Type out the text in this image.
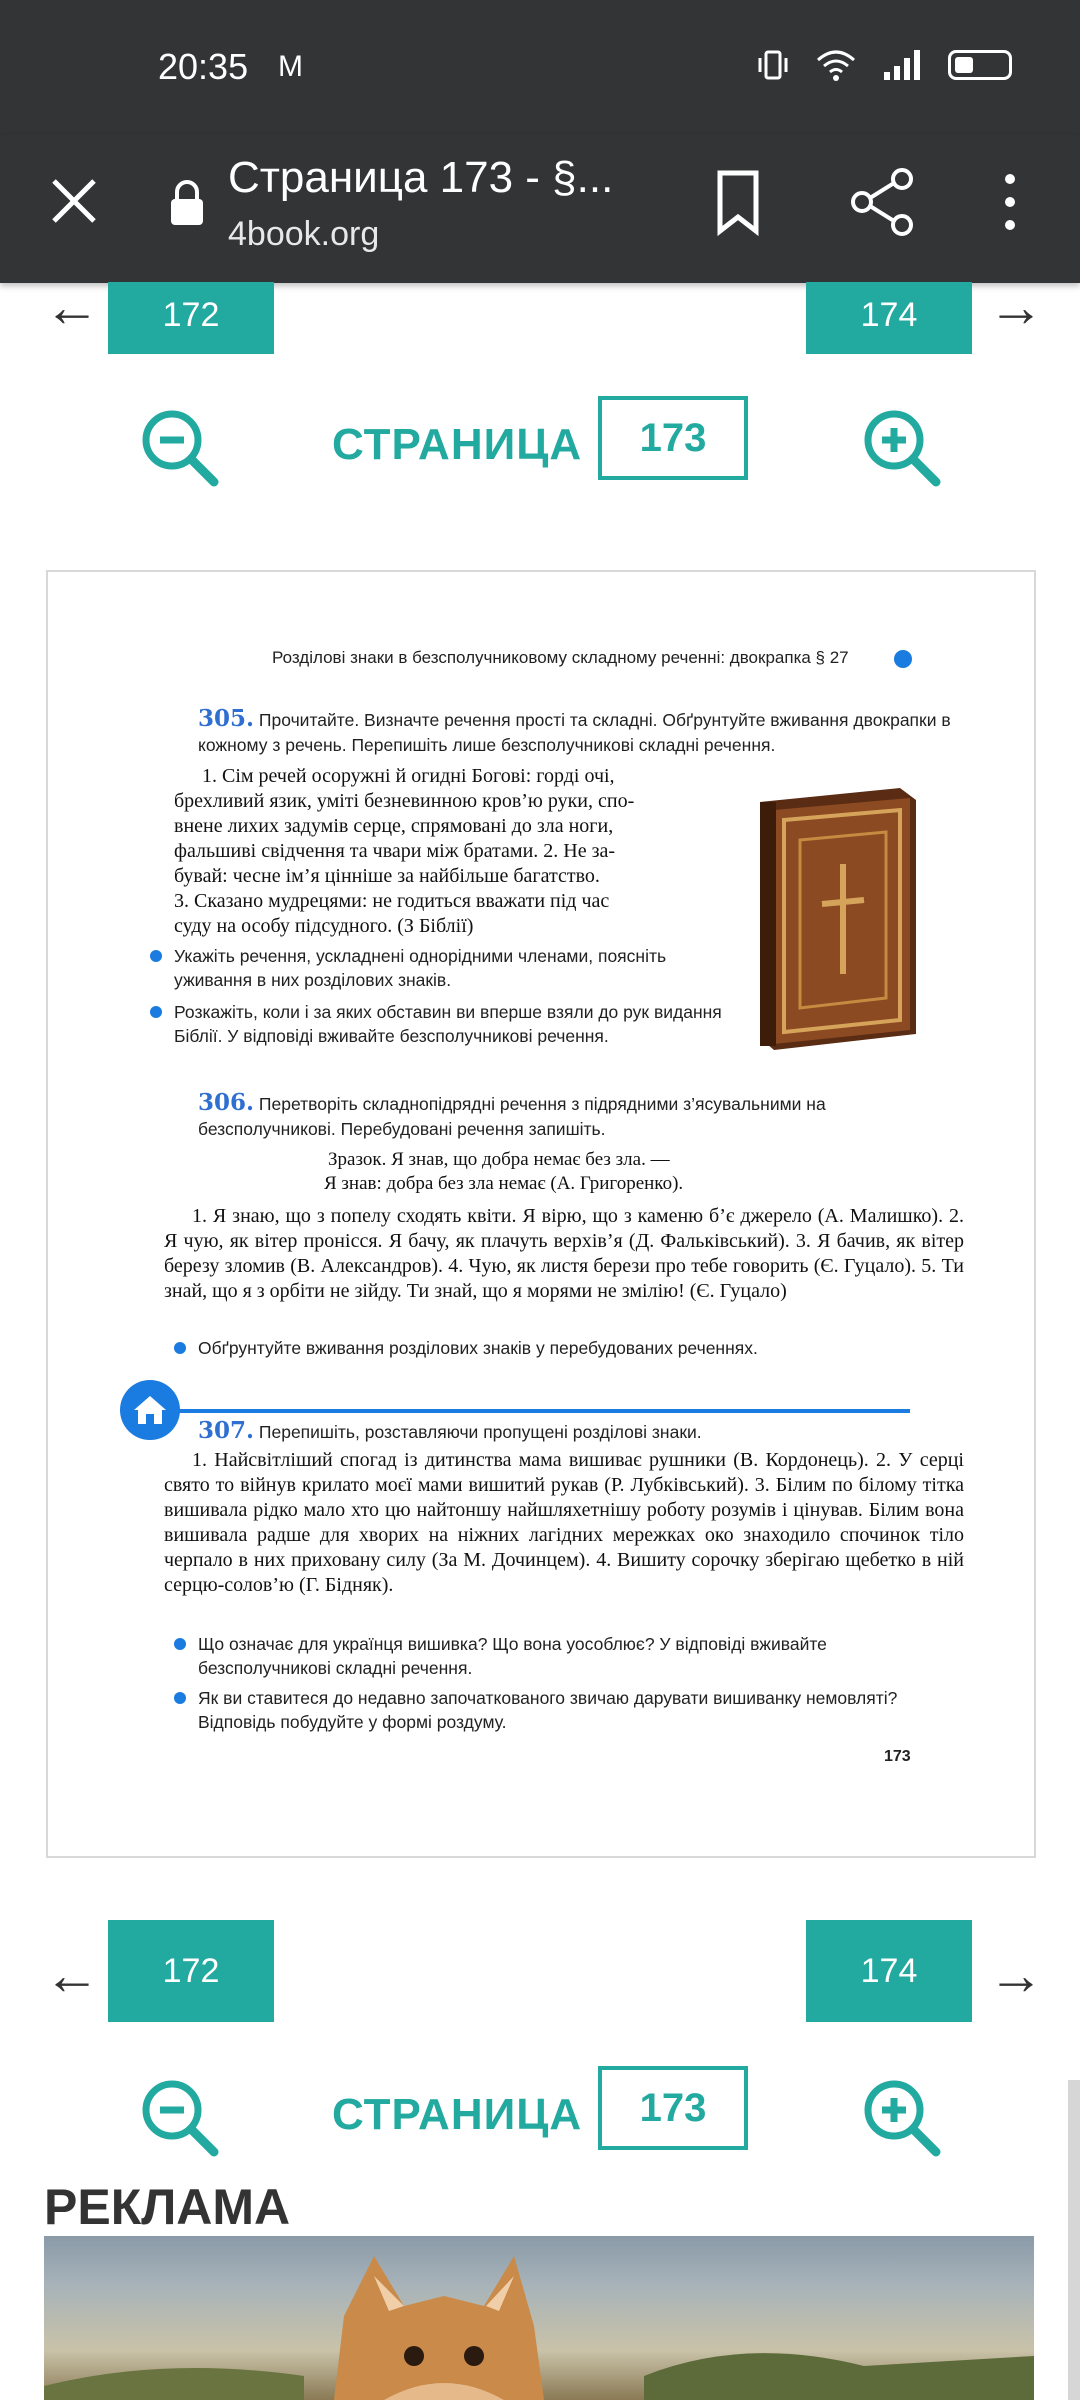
20:35 M
Страница 173 - §...
4book.org
←	172	174	→
СТРАНИЦА	173
Розділові знаки в безсполучниковому складному реченні: двокрапка § 27
305. Прочитайте. Визначте речення прості та складні. Обґрунтуйте вживання двокрапки в кожному з речень. Перепишіть лише безсполучникові складні речення.
1. Сім речей осоружні й огидні Богові: горді очі,
брехливий язик, уміті безневинною кров’ю руки, спо-
внене лихих задумів серце, спрямовані до зла ноги,
фальшиві свідчення та чвари між братами. 2. Не за-
бувай: чесне ім’я цінніше за найбільше багатство.
3. Сказано мудрецями: не годиться вважати під час
суду на особу підсудного. (З Біблії)
Укажіть речення, ускладнені однорідними членами, поясніть уживання в них розділових знаків.
Розкажіть, коли і за яких обставин ви вперше взяли до рук видання Біблії. У відповіді вживайте безсполучникові речення.
306. Перетворіть складнопідрядні речення з підрядними з’ясувальними на безсполучникові. Перебудовані речення запишіть.
Зразок. Я знав, що добра немає без зла. —
Я знав: добра без зла немає (А. Григоренко).
1. Я знаю, що з попелу сходять квіти. Я вірю, що з каменю б’є джерело (А. Малишко). 2. Я чую, як вітер пронісся. Я бачу, як плачуть верхів’я (Д. Фальківський). 3. Я бачив, як вітер березу зломив (В. Александров). 4. Чую, як листя берези про тебе говорить (Є. Гуцало). 5. Ти знай, що я з орбіти не зійду. Ти знай, що я морями не змілію! (Є. Гуцало)
Обґрунтуйте вживання розділових знаків у перебудованих реченнях.
307. Перепишіть, розставляючи пропущені розділові знаки.
1. Найсвітліший спогад із дитинства мама вишиває рушники (В. Кордонець). 2. У серці свято то війнув крилато моєї мами вишитий рукав (Р. Лубківський). 3. Білим по білому тітка вишивала рідко мало хто цю найтоншу найшляхетнішу роботу розумів і цінував. Білим вона вишивала радше для хворих на ніжних лагідних мережках око знаходило спочинок тіло черпало в них приховану силу (За М. Дочинцем). 4. Вишиту сорочку зберігаю щебетко в ній серцю-солов’ю (Г. Бідняк).
Що означає для українця вишивка? Що вона уособлює? У відповіді вживайте безсполучникові складні речення.
Як ви ставитеся до недавно започаткованого звичаю дарувати вишиванку немовляті? Відповідь побудуйте у формі роздуму.
173
←	172	174	→
СТРАНИЦА	173
РЕКЛАМА
